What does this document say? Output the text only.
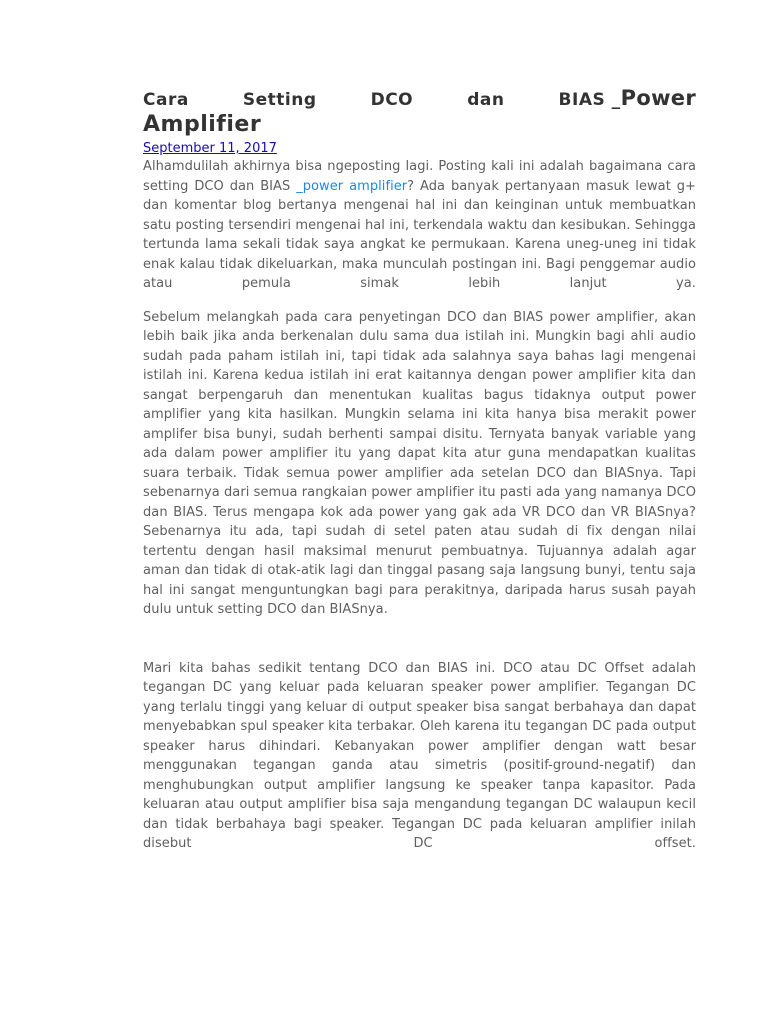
Cara	Setting	DCO	dan	BIAS _Power
Amplifier
September 11, 2017

Alhamdulilah akhirnya bisa ngeposting lagi. Posting kali ini adalah bagaimana cara setting DCO dan BIAS _power amplifier? Ada banyak pertanyaan masuk lewat g+ dan komentar blog bertanya mengenai hal ini dan keinginan untuk membuatkan satu posting tersendiri mengenai hal ini, terkendala waktu dan kesibukan. Sehingga tertunda lama sekali tidak saya angkat ke permukaan. Karena uneg-uneg ini tidak enak kalau tidak dikeluarkan, maka munculah postingan ini. Bagi penggemar audio atau pemula simak lebih lanjut ya.

Sebelum melangkah pada cara penyetingan DCO dan BIAS power amplifier, akan lebih baik jika anda berkenalan dulu sama dua istilah ini. Mungkin bagi ahli audio sudah pada paham istilah ini, tapi tidak ada salahnya saya bahas lagi mengenai istilah ini. Karena kedua istilah ini erat kaitannya dengan power amplifier kita dan sangat berpengaruh dan menentukan kualitas bagus tidaknya output power amplifier yang kita hasilkan. Mungkin selama ini kita hanya bisa merakit power amplifer bisa bunyi, sudah berhenti sampai disitu. Ternyata banyak variable yang ada dalam power amplifier itu yang dapat kita atur guna mendapatkan kualitas suara terbaik. Tidak semua power amplifier ada setelan DCO dan BIASnya. Tapi sebenarnya dari semua rangkaian power amplifier itu pasti ada yang namanya DCO dan BIAS. Terus mengapa kok ada power yang gak ada VR DCO dan VR BIASnya? Sebenarnya itu ada, tapi sudah di setel paten atau sudah di fix dengan nilai tertentu dengan hasil maksimal menurut pembuatnya. Tujuannya adalah agar aman dan tidak di otak-atik lagi dan tinggal pasang saja langsung bunyi, tentu saja hal ini sangat menguntungkan bagi para perakitnya, daripada harus susah payah dulu untuk setting DCO dan BIASnya.

Mari kita bahas sedikit tentang DCO dan BIAS ini. DCO atau DC Offset adalah tegangan DC yang keluar pada keluaran speaker power amplifier. Tegangan DC yang terlalu tinggi yang keluar di output speaker bisa sangat berbahaya dan dapat menyebabkan spul speaker kita terbakar. Oleh karena itu tegangan DC pada output speaker harus dihindari. Kebanyakan power amplifier dengan watt besar menggunakan tegangan ganda atau simetris (positif-ground-negatif) dan menghubungkan output amplifier langsung ke speaker tanpa kapasitor. Pada keluaran atau output amplifier bisa saja mengandung tegangan DC walaupun kecil dan tidak berbahaya bagi speaker. Tegangan DC pada keluaran amplifier inilah disebut DC offset.
